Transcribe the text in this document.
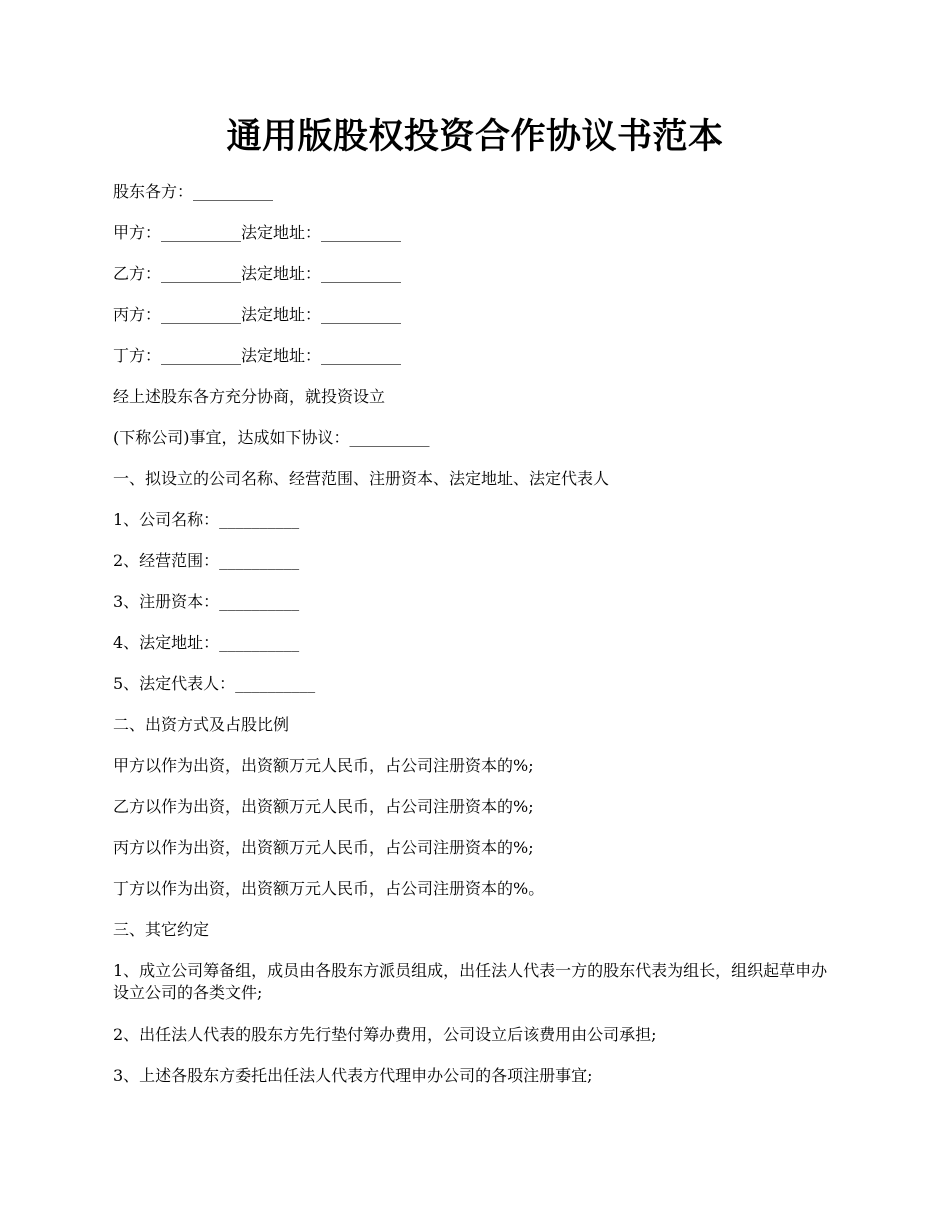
通用版股权投资合作协议书范本
股东各方：__________
甲方：__________法定地址：__________
乙方：__________法定地址：__________
丙方：__________法定地址：__________
丁方：__________法定地址：__________
经上述股东各方充分协商，就投资设立
(下称公司)事宜，达成如下协议：__________
一、拟设立的公司名称、经营范围、注册资本、法定地址、法定代表人
1、公司名称：__________
2、经营范围：__________
3、注册资本：__________
4、法定地址：__________
5、法定代表人：__________
二、出资方式及占股比例
甲方以作为出资，出资额万元人民币，占公司注册资本的%;
乙方以作为出资，出资额万元人民币，占公司注册资本的%;
丙方以作为出资，出资额万元人民币，占公司注册资本的%;
丁方以作为出资，出资额万元人民币，占公司注册资本的%。
三、其它约定
1、成立公司筹备组，成员由各股东方派员组成，出任法人代表一方的股东代表为组长，组织起草申办设立公司的各类文件;
2、出任法人代表的股东方先行垫付筹办费用，公司设立后该费用由公司承担;
3、上述各股东方委托出任法人代表方代理申办公司的各项注册事宜;
